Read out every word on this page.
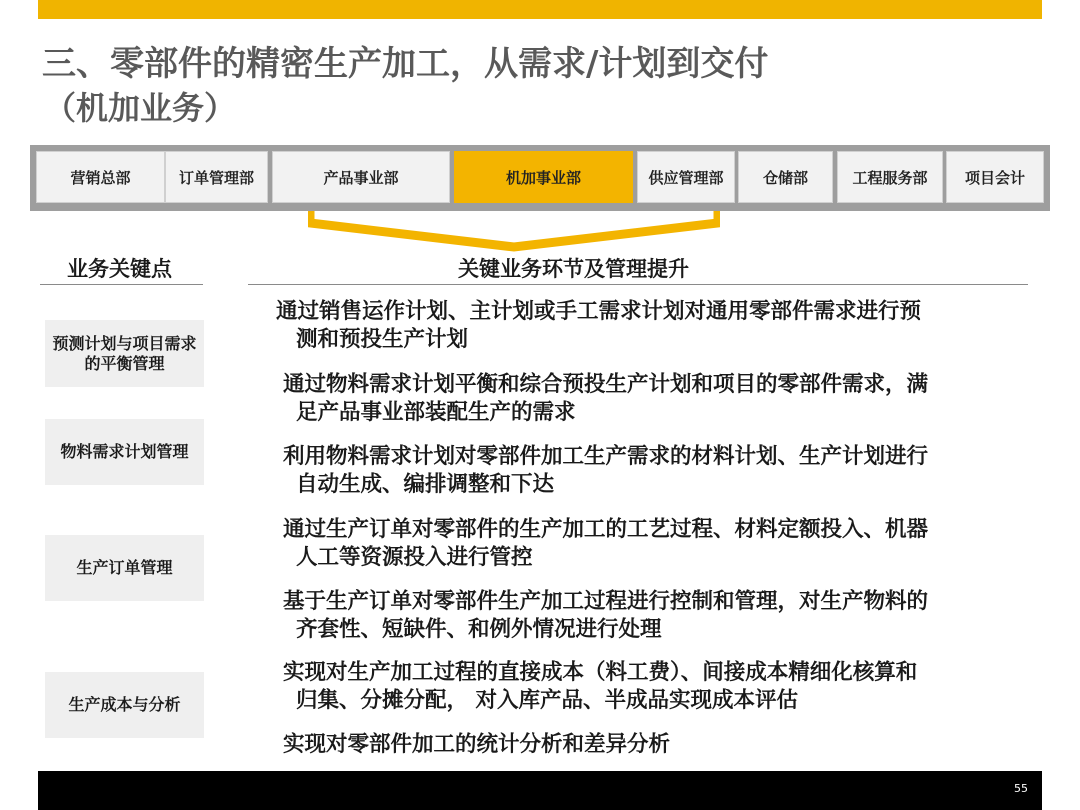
三、零部件的精密生产加工，从需求/计划到交付
（机加业务）
营销总部	订单管理部	产品事业部	机加事业部	供应管理部	仓储部	工程服务部 项目会计
业务关键点	关键业务环节及管理提升
预测计划与项目需求的平衡管理
物料需求计划管理
生产订单管理
生产成本与分析
通过销售运作计划、主计划或手工需求计划对通用零部件需求进行预
测和预投生产计划
通过物料需求计划平衡和综合预投生产计划和项目的零部件需求，满
足产品事业部装配生产的需求
利用物料需求计划对零部件加工生产需求的材料计划、生产计划进行
自动生成、编排调整和下达
通过生产订单对零部件的生产加工的工艺过程、材料定额投入、机器
人工等资源投入进行管控
基于生产订单对零部件生产加工过程进行控制和管理，对生产物料的
齐套性、短缺件、和例外情况进行处理
实现对生产加工过程的直接成本（料工费）、间接成本精细化核算和
归集、分摊分配， 对入库产品、半成品实现成本评估
实现对零部件加工的统计分析和差异分析
55
